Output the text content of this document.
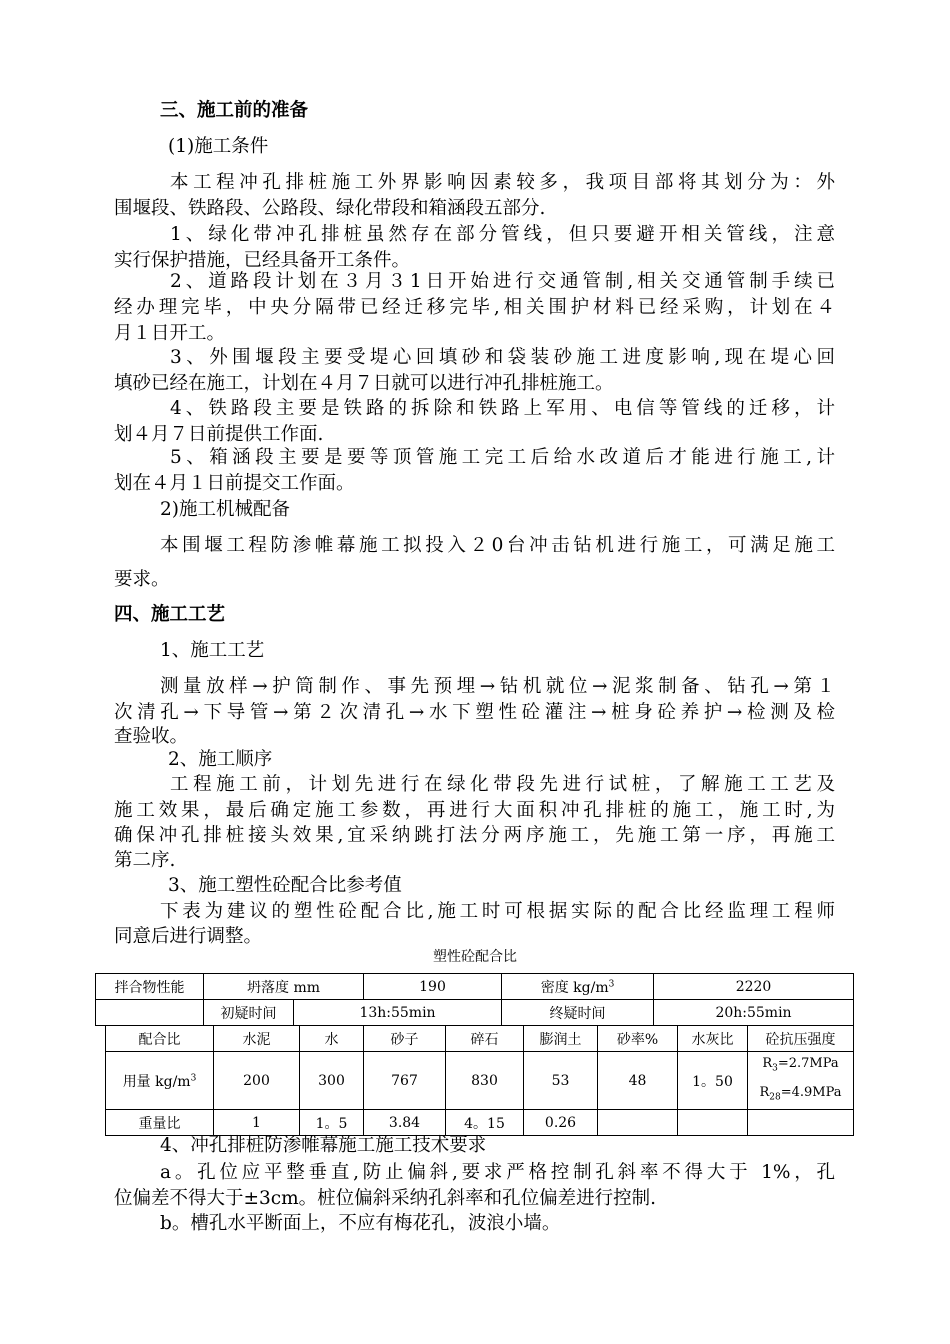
三、施工前的准备
(1)施工条件
本工程冲孔排桩施工外界影响因素较多，我项目部将其划分为：外
围堰段、铁路段、公路段、绿化带段和箱涵段五部分.
1、绿化带冲孔排桩虽然存在部分管线，但只要避开相关管线，注意
实行保护措施，已经具备开工条件。
2、道路段计划在３月３1日开始进行交通管制,相关交通管制手续已
经办理完毕，中央分隔带已经迁移完毕,相关围护材料已经采购，计划在４
月１日开工。
3、外围堰段主要受堤心回填砂和袋装砂施工进度影响,现在堤心回
填砂已经在施工，计划在４月７日就可以进行冲孔排桩施工。
4、铁路段主要是铁路的拆除和铁路上军用、电信等管线的迁移，计
划４月７日前提供工作面.
5、箱涵段主要是要等顶管施工完工后给水改道后才能进行施工,计
划在４月１日前提交工作面。
2)施工机械配备
本围堰工程防渗帷幕施工拟投入２0台冲击钻机进行施工，可满足施工
要求。
四、施工工艺
1、施工工艺
测量放样→护筒制作、事先预埋→钻机就位→泥浆制备、钻孔→第１
次清孔→下导管→第２次清孔→水下塑性砼灌注→桩身砼养护→检测及检
查验收。
2、施工顺序
工程施工前，计划先进行在绿化带段先进行试桩，了解施工工艺及
施工效果，最后确定施工参数，再进行大面积冲孔排桩的施工，施工时,为
确保冲孔排桩接头效果,宜采纳跳打法分两序施工，先施工第一序，再施工
第二序.
3、施工塑性砼配合比参考值
下表为建议的塑性砼配合比,施工时可根据实际的配合比经监理工程师
同意后进行调整。
塑性砼配合比
拌合物性能	坍落度 mm		190	密度 $kg/m^3$	2220
	初疑时间	13h:55min		终疑时间	20h:55min
配合比	水泥	水	砂子	碎石	膨润土	砂率%	水灰比	砼抗压强度
用量 $kg/m^3$	200	300	767	830	53	48	1。50	$R_3=2.7MPa$
$R_{28}=4.9MPa$

重量比	1	1。5	3.84	4。15	0.26			
4、冲孔排桩防渗帷幕施工施工技术要求
a。孔位应平整垂直,防止偏斜,要求严格控制孔斜率不得大于 1%，孔
位偏差不得大于±3cm。桩位偏斜采纳孔斜率和孔位偏差进行控制.
b。槽孔水平断面上，不应有梅花孔，波浪小墙。
